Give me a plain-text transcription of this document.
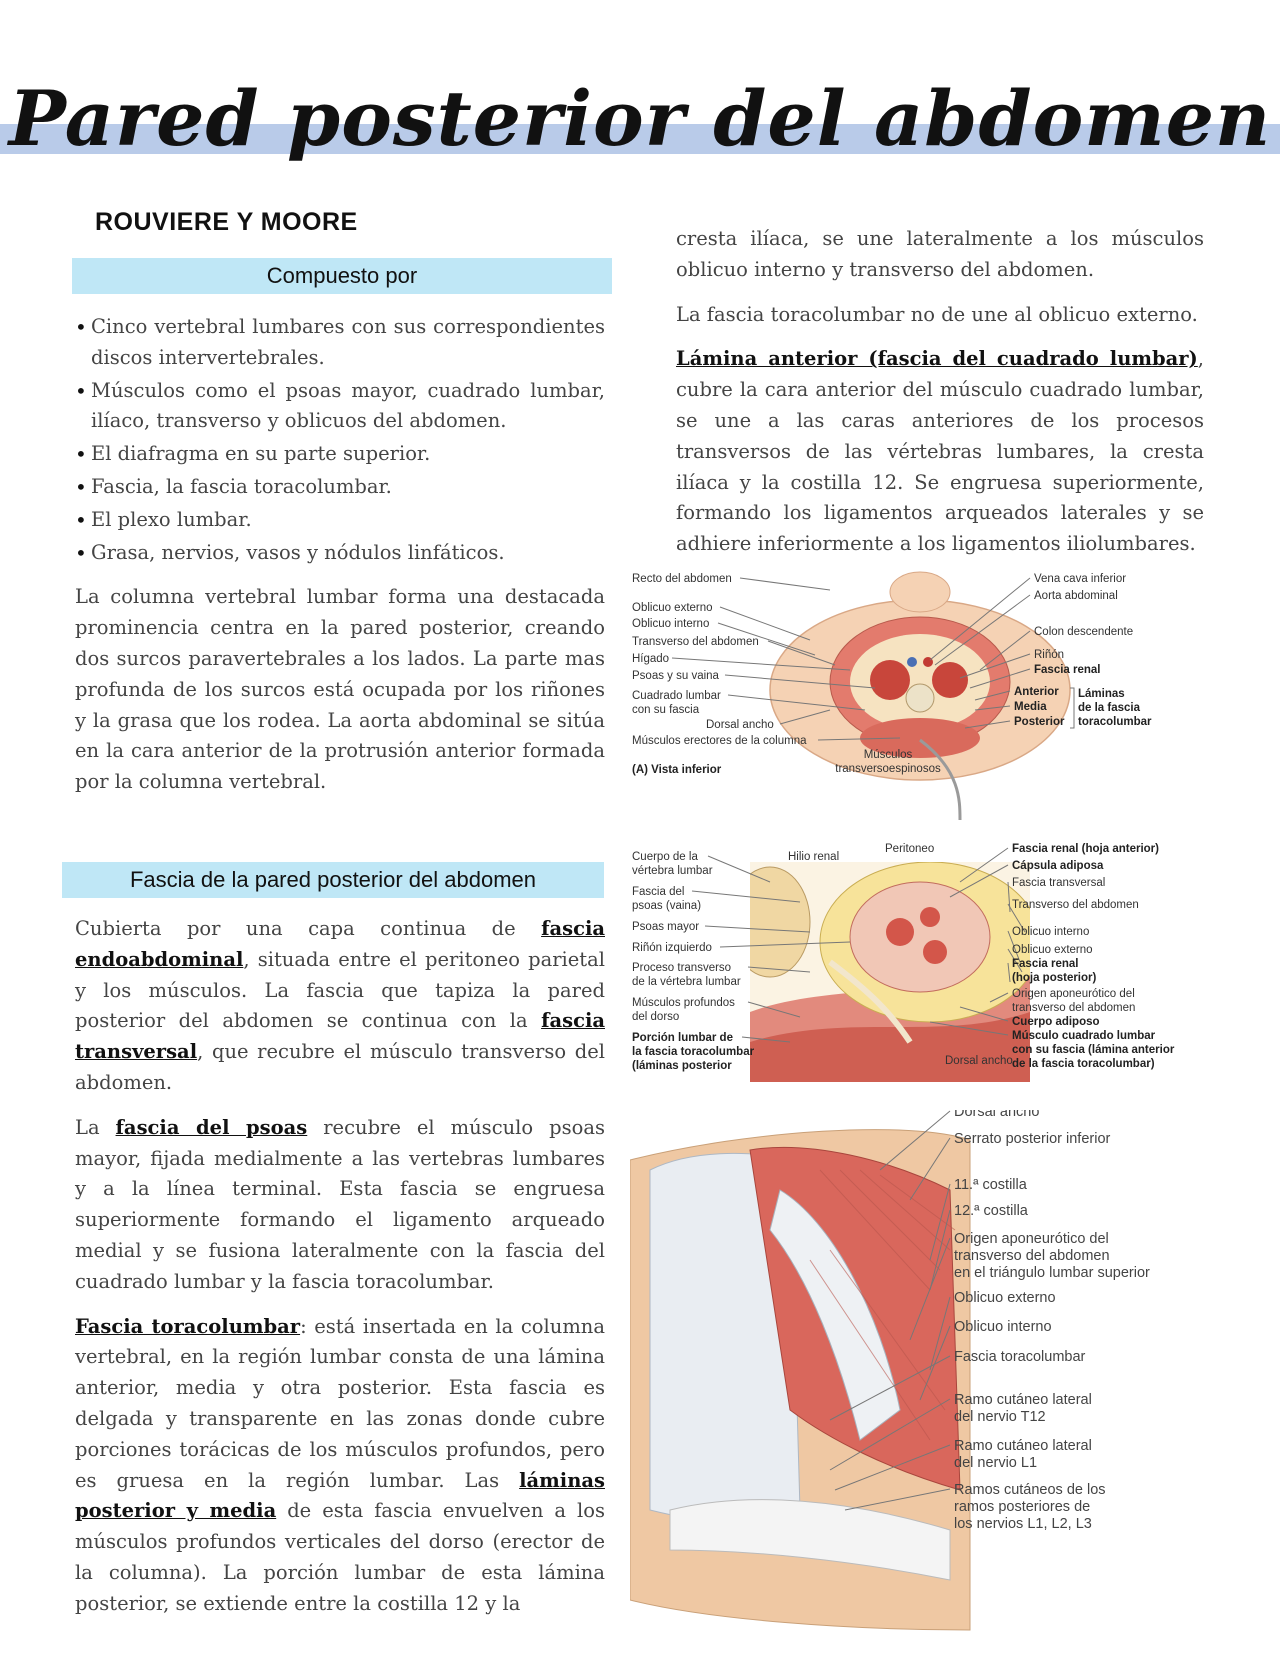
Pared posterior del abdomen
ROUVIERE Y MOORE
Compuesto por
• Cinco vertebral lumbares con sus correspondientes discos intervertebrales.
• Músculos como el psoas mayor, cuadrado lumbar, ilíaco, transverso y oblicuos del abdomen.
• El diafragma en su parte superior.
• Fascia, la fascia toracolumbar.
• El plexo lumbar.
• Grasa, nervios, vasos y nódulos linfáticos.

La columna vertebral lumbar forma una destacada prominencia centra en la pared posterior, creando dos surcos paravertebrales a los lados. La parte mas profunda de los surcos está ocupada por los riñones y la grasa que los rodea. La aorta abdominal se sitúa en la cara anterior de la protrusión anterior formada por la columna vertebral.

Fascia de la pared posterior del abdomen

Cubierta por una capa continua de fascia endoabdominal, situada entre el peritoneo parietal y los músculos. La fascia que tapiza la pared posterior del abdomen se continua con la fascia transversal, que recubre el músculo transverso del abdomen.

La fascia del psoas recubre el músculo psoas mayor, fijada medialmente a las vertebras lumbares y a la línea terminal. Esta fascia se engruesa superiormente formando el ligamento arqueado medial y se fusiona lateralmente con la fascia del cuadrado lumbar y la fascia toracolumbar.

Fascia toracolumbar: está insertada en la columna vertebral, en la región lumbar consta de una lámina anterior, media y otra posterior. Esta fascia es delgada y transparente en las zonas donde cubre porciones torácicas de los músculos profundos, pero es gruesa en la región lumbar. Las láminas posterior y media de esta fascia envuelven a los músculos profundos verticales del dorso (erector de la columna). La porción lumbar de esta lámina posterior, se extiende entre la costilla 12 y la

cresta ilíaca, se une lateralmente a los músculos oblicuo interno y transverso del abdomen.

La fascia toracolumbar no de une al oblicuo externo.

Lámina anterior (fascia del cuadrado lumbar), cubre la cara anterior del músculo cuadrado lumbar, se une a las caras anteriores de los procesos transversos de las vértebras lumbares, la cresta ilíaca y la costilla 12. Se engruesa superiormente, formando los ligamentos arqueados laterales y se adhiere inferiormente a los ligamentos iliolumbares.

Recto del abdomen
Oblicuo externo
Oblicuo interno
Transverso del abdomen
Hígado
Psoas y su vaina
Cuadrado lumbar
con su fascia
Dorsal ancho
Músculos erectores de la columna
Vena cava inferior
Aorta abdominal
Colon descendente
Riñón
Fascia renal
Anterior
Media
Posterior
Láminas
de la fascia
toracolumbar
Músculos
transversoespinosos
(A) Vista inferior
Cuerpo de la
vértebra lumbar
Fascia del
psoas (vaina)
Psoas mayor
Riñón izquierdo
Proceso transverso
de la vértebra lumbar
Músculos profundos
del dorso
Porción lumbar de
la fascia toracolumbar
(láminas posterior
Hilio renal
Peritoneo	Fascia renal (hoja anterior)
Cápsula adiposa
Fascia transversal
Transverso del abdomen
Oblicuo interno
Oblicuo externo
Fascia renal
(hoja posterior)
Origen aponeurótico del
transverso del abdomen
Cuerpo adiposo
Músculo cuadrado lumbar
con su fascia (lámina anterior
de la fascia toracolumbar)
Dorsal ancho
Dorsal ancho
Serrato posterior inferior
11.ª costilla
12.ª costilla
Origen aponeurótico del
transverso del abdomen
en el triángulo lumbar superior
Oblicuo externo
Oblicuo interno
Fascia toracolumbar
Ramo cutáneo lateral
del nervio T12
Ramo cutáneo lateral
del nervio L1
Ramos cutáneos de los
ramos posteriores de
los nervios L1, L2, L3
